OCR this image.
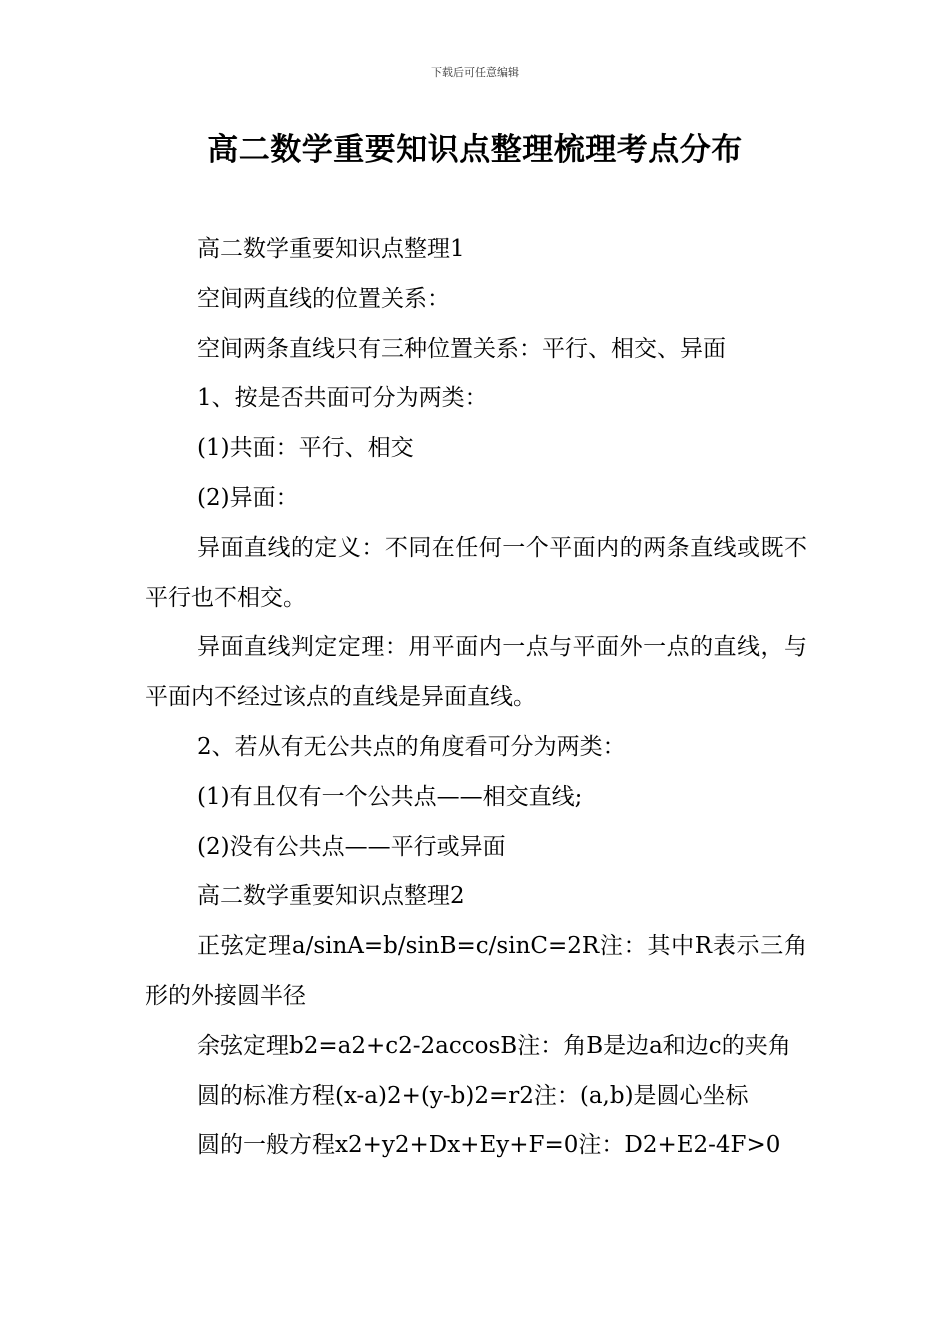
下载后可任意编辑
高二数学重要知识点整理梳理考点分布

高二数学重要知识点整理1

空间两直线的位置关系：

空间两条直线只有三种位置关系：平行、相交、异面

1、按是否共面可分为两类：

(1)共面：平行、相交

(2)异面：

异面直线的定义：不同在任何一个平面内的两条直线或既不平行也不相交。

异面直线判定定理：用平面内一点与平面外一点的直线，与平面内不经过该点的直线是异面直线。

2、若从有无公共点的角度看可分为两类：

(1)有且仅有一个公共点——相交直线;

(2)没有公共点——平行或异面

高二数学重要知识点整理2

正弦定理a/sinA=b/sinB=c/sinC=2R注：其中R表示三角形的外接圆半径

余弦定理b2=a2+c2-2accosB注：角B是边a和边c的夹角

圆的标准方程(x-a)2+(y-b)2=r2注：(a,b)是圆心坐标

圆的一般方程x2+y2+Dx+Ey+F=0注：D2+E2-4F>0
